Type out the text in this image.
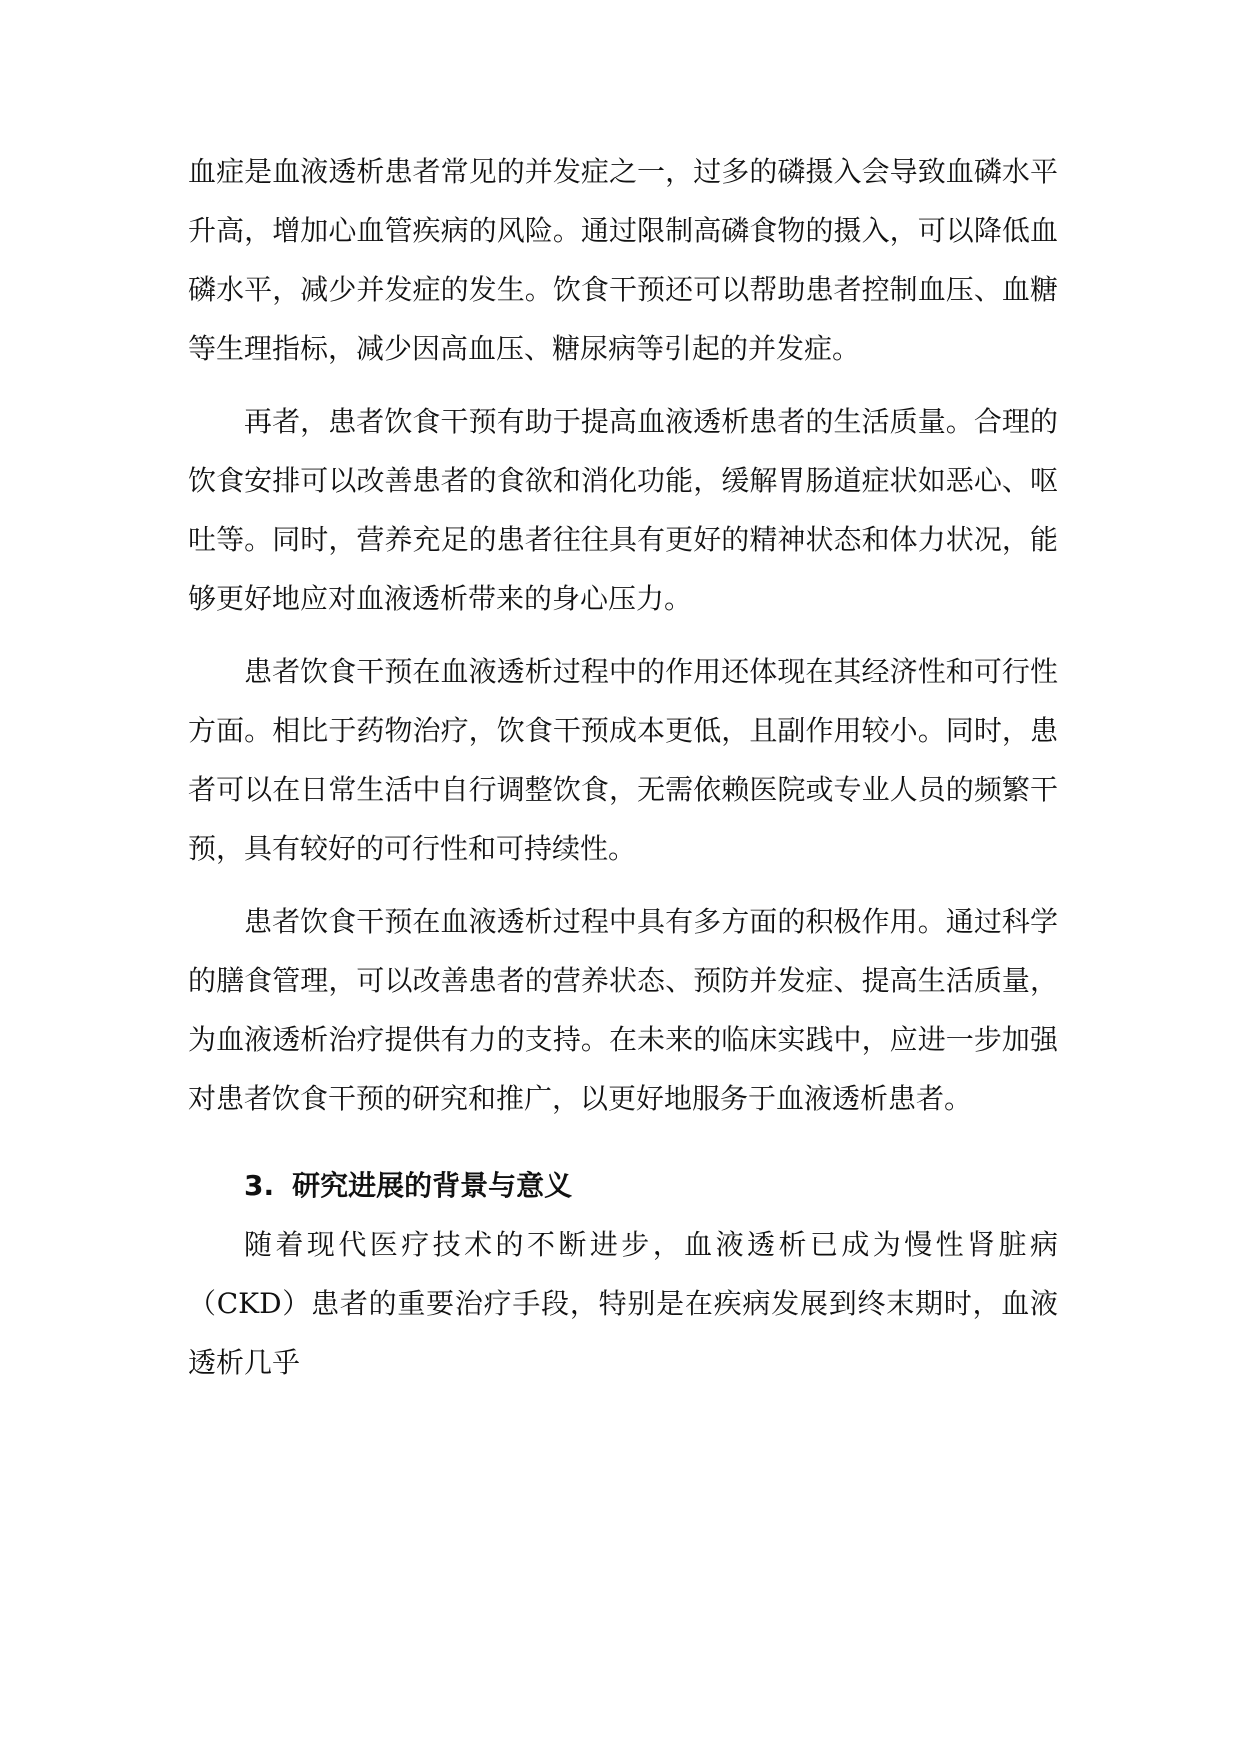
血症是血液透析患者常见的并发症之一，过多的磷摄入会导致血磷水平升高，增加心血管疾病的风险。通过限制高磷食物的摄入，可以降低血磷水平，减少并发症的发生。饮食干预还可以帮助患者控制血压、血糖等生理指标，减少因高血压、糖尿病等引起的并发症。

再者，患者饮食干预有助于提高血液透析患者的生活质量。合理的饮食安排可以改善患者的食欲和消化功能，缓解胃肠道症状如恶心、呕吐等。同时，营养充足的患者往往具有更好的精神状态和体力状况，能够更好地应对血液透析带来的身心压力。

患者饮食干预在血液透析过程中的作用还体现在其经济性和可行性方面。相比于药物治疗，饮食干预成本更低，且副作用较小。同时，患者可以在日常生活中自行调整饮食，无需依赖医院或专业人员的频繁干预，具有较好的可行性和可持续性。

患者饮食干预在血液透析过程中具有多方面的积极作用。通过科学的膳食管理，可以改善患者的营养状态、预防并发症、提高生活质量，为血液透析治疗提供有力的支持。在未来的临床实践中，应进一步加强对患者饮食干预的研究和推广，以更好地服务于血液透析患者。

3. 研究进展的背景与意义

随着现代医疗技术的不断进步，血液透析已成为慢性肾脏病（CKD）患者的重要治疗手段，特别是在疾病发展到终末期时，血液透析几乎
